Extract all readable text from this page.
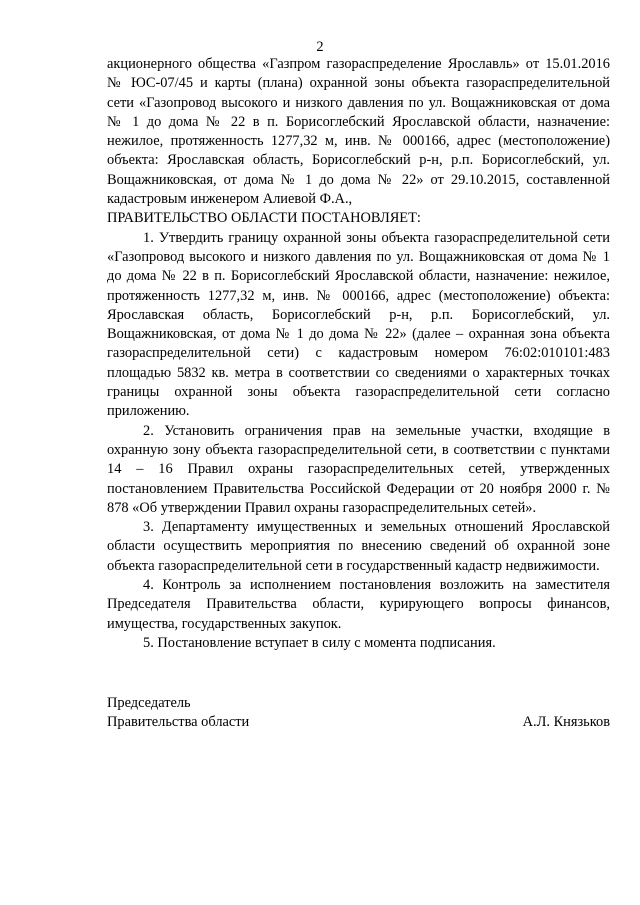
2

акционерного общества «Газпром газораспределение Ярославль» от 15.01.2016 № ЮС-07/45 и карты (плана) охранной зоны объекта газораспределительной сети «Газопровод высокого и низкого давления по ул. Вощажниковская от дома № 1 до дома № 22 в п. Борисоглебский Ярославской области, назначение: нежилое, протяженность 1277,32 м, инв. № 000166, адрес (местоположение) объекта: Ярославская область, Борисоглебский р-н, р.п. Борисоглебский, ул. Вощажниковская, от дома № 1 до дома № 22» от 29.10.2015, составленной кадастровым инженером Алиевой Ф.А.,

ПРАВИТЕЛЬСТВО ОБЛАСТИ ПОСТАНОВЛЯЕТ:

1. Утвердить границу охранной зоны объекта газораспределительной сети «Газопровод высокого и низкого давления по ул. Вощажниковская от дома № 1 до дома № 22 в п. Борисоглебский Ярославской области, назначение: нежилое, протяженность 1277,32 м, инв. № 000166, адрес (местоположение) объекта: Ярославская область, Борисоглебский р-н, р.п. Борисоглебский, ул. Вощажниковская, от дома № 1 до дома № 22» (далее – охранная зона объекта газораспределительной сети) с кадастровым номером 76:02:010101:483 площадью 5832 кв. метра в соответствии со сведениями о характерных точках границы охранной зоны объекта газораспределительной сети согласно приложению.

2. Установить ограничения прав на земельные участки, входящие в охранную зону объекта газораспределительной сети, в соответствии с пунктами 14 – 16 Правил охраны газораспределительных сетей, утвержденных постановлением Правительства Российской Федерации от 20 ноября 2000 г. № 878 «Об утверждении Правил охраны газораспределительных сетей».

3. Департаменту имущественных и земельных отношений Ярославской области осуществить мероприятия по внесению сведений об охранной зоне объекта газораспределительной сети в государственный кадастр недвижимости.

4. Контроль за исполнением постановления возложить на заместителя Председателя Правительства области, курирующего вопросы финансов, имущества, государственных закупок.

5. Постановление вступает в силу с момента подписания.

Председатель
Правительства области	А.Л. Князьков
